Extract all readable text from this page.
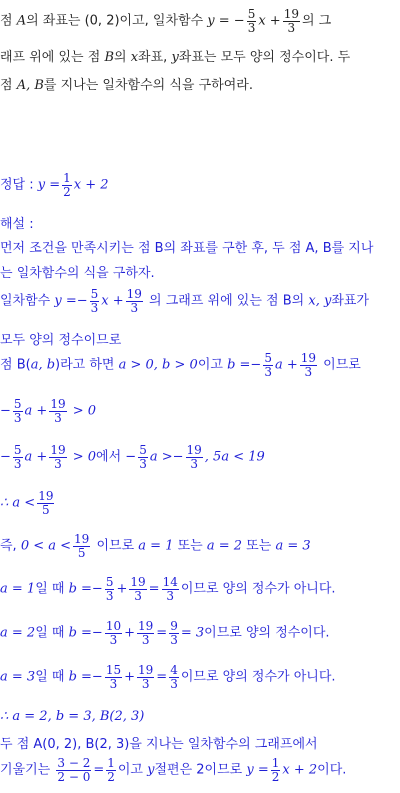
점 A의 좌표는 (0, 2)이고, 일차함수 y = − $\frac{5}{3}$ $x + \frac{19}{3}$ 의 그
래프 위에 있는 점 B의 x좌표, y좌표는 모두 양의 정수이다. 두
점 A, B를 지나는 일차함수의 식을 구하여라.
정답 : $y = \frac{1}{2}$ x + 2
해설 :
먼저 조건을 만족시키는 점 B의 좌표를 구한 후, 두 점 A, B를 지나
는 일차함수의 식을 구하자.
일차함수 $y =- \frac{5}{3}$ $x + \frac{19}{3}$ 의 그래프 위에 있는 점 B의 x, y좌표가
모두 양의 정수이므로
점 B(a, b)라고 하면 a > 0, b > 0이고 $b =- \frac{5}{3}$ $a + \frac{19}{3}$ 이므로
− $\frac{5}{3}$ $a + \frac{19}{3} > 0$
− $\frac{5}{3}$ $a + \frac{19}{3} > 0$에서 − $\frac{5}{3}$ $a >- \frac{19}{3}$ , 5a < 19
∴ $a < \frac{19}{5}$
즉, $0 < a < \frac{19}{5}$ 이므로 a = 1 또는 a = 2 또는 a = 3
a = 1일 때 $b =- \frac{5}{3} + \frac{19}{3} = \frac{14}{3}$ 이므로 양의 정수가 아니다.
a = 2일 때 $b =- \frac{10}{3} + \frac{19}{3} = \frac{9}{3} = 3$이므로 양의 정수이다.
a = 3일 때 $b =- \frac{15}{3} + \frac{19}{3} = \frac{4}{3}$ 이므로 양의 정수가 아니다.
∴ a = 2, b = 3, B(2, 3)
두 점 A(0, 2), B(2, 3)을 지나는 일차함수의 그래프에서
기울기는 $\frac{3 - 2}{2 - 0} = \frac{1}{2}$ 이고 y절편은 2이므로 $y = \frac{1}{2}$ x + 2이다.
